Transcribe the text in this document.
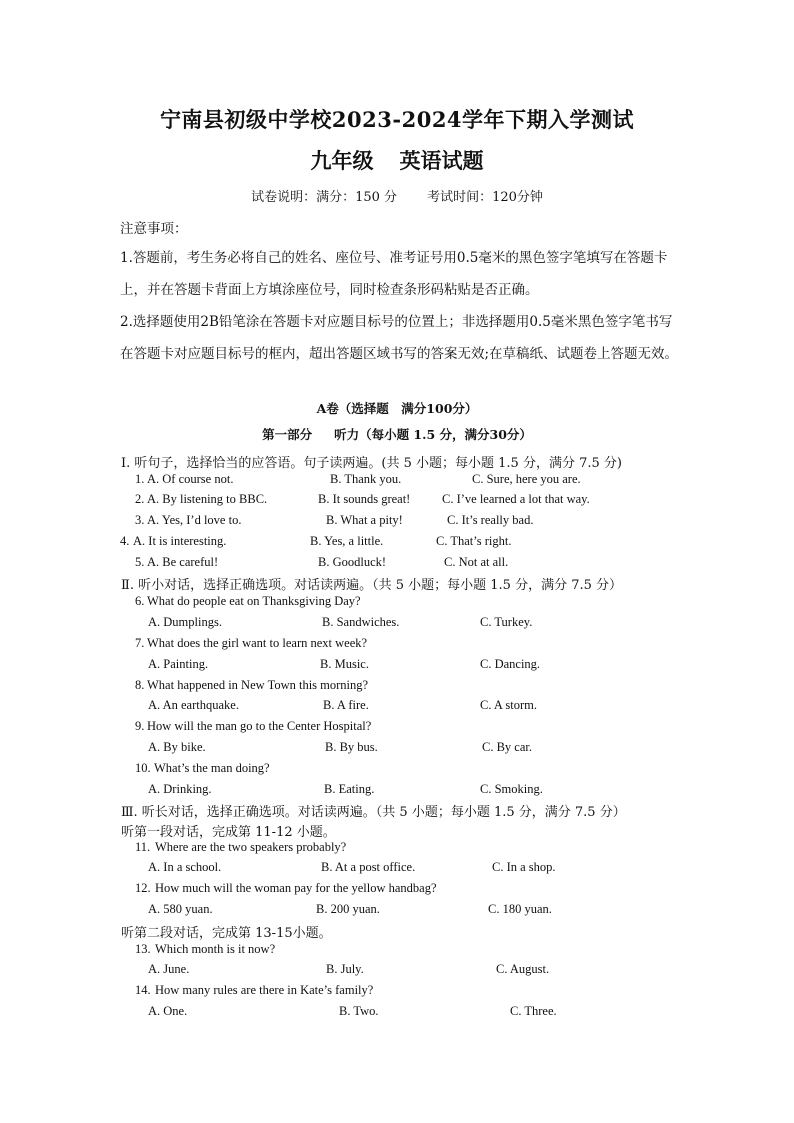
宁南县初级中学校2023-2024学年下期入学测试
九年级 英语试题
试卷说明：满分：150 分 考试时间：120分钟
注意事项：
1.答题前，考生务必将自己的姓名、座位号、准考证号用0.5毫米的黑色签字笔填写在答题卡上，并在答题卡背面上方填涂座位号，同时检查条形码粘贴是否正确。
2.选择题使用2B铅笔涂在答题卡对应题目标号的位置上；非选择题用0.5毫米黑色签字笔书写在答题卡对应题目标号的框内，超出答题区域书写的答案无效;在草稿纸、试题卷上答题无效。
A卷（选择题　满分100分）
第一部分 听力（每小题 1.5 分，满分30分）
Ⅰ. 听句子，选择恰当的应答语。句子读两遍。(共 5 小题；每小题 1.5 分，满分 7.5 分)
1. A. Of course not.	B. Thank you.	C. Sure, here you are.
2. A. By listening to BBC.	B. It sounds great!	C. I’ve learned a lot that way.
3. A. Yes, I’d love to.	B. What a pity!	C. It’s really bad.
4. A. It is interesting.	B. Yes, a little.	C. That’s right.
5. A. Be careful!	B. Goodluck!	C. Not at all.
Ⅱ. 听小对话，选择正确选项。对话读两遍。（共 5 小题；每小题 1.5 分，满分 7.5 分）
6. What do people eat on Thanksgiving Day?
A. Dumplings.	B. Sandwiches.	C. Turkey.
7. What does the girl want to learn next week?
A. Painting.	B. Music.	C. Dancing.
8. What happened in New Town this morning?
A. An earthquake.	B. A fire.	C. A storm.
9. How will the man go to the Center Hospital?
A. By bike.	B. By bus.	C. By car.
10. What’s the man doing?
A. Drinking.	B. Eating.	C. Smoking.
Ⅲ. 听长对话，选择正确选项。对话读两遍。（共 5 小题；每小题 1.5 分，满分 7.5 分）
听第一段对话，完成第 11-12 小题。
11. Where are the two speakers probably?
A. In a school.	B. At a post office.	C. In a shop.
12. How much will the woman pay for the yellow handbag?
A. 580 yuan.	B. 200 yuan.	C. 180 yuan.
听第二段对话，完成第 13-15小题。
13. Which month is it now?
A. June.	B. July.	C. August.
14. How many rules are there in Kate’s family?
A. One.	B. Two.	C. Three.
